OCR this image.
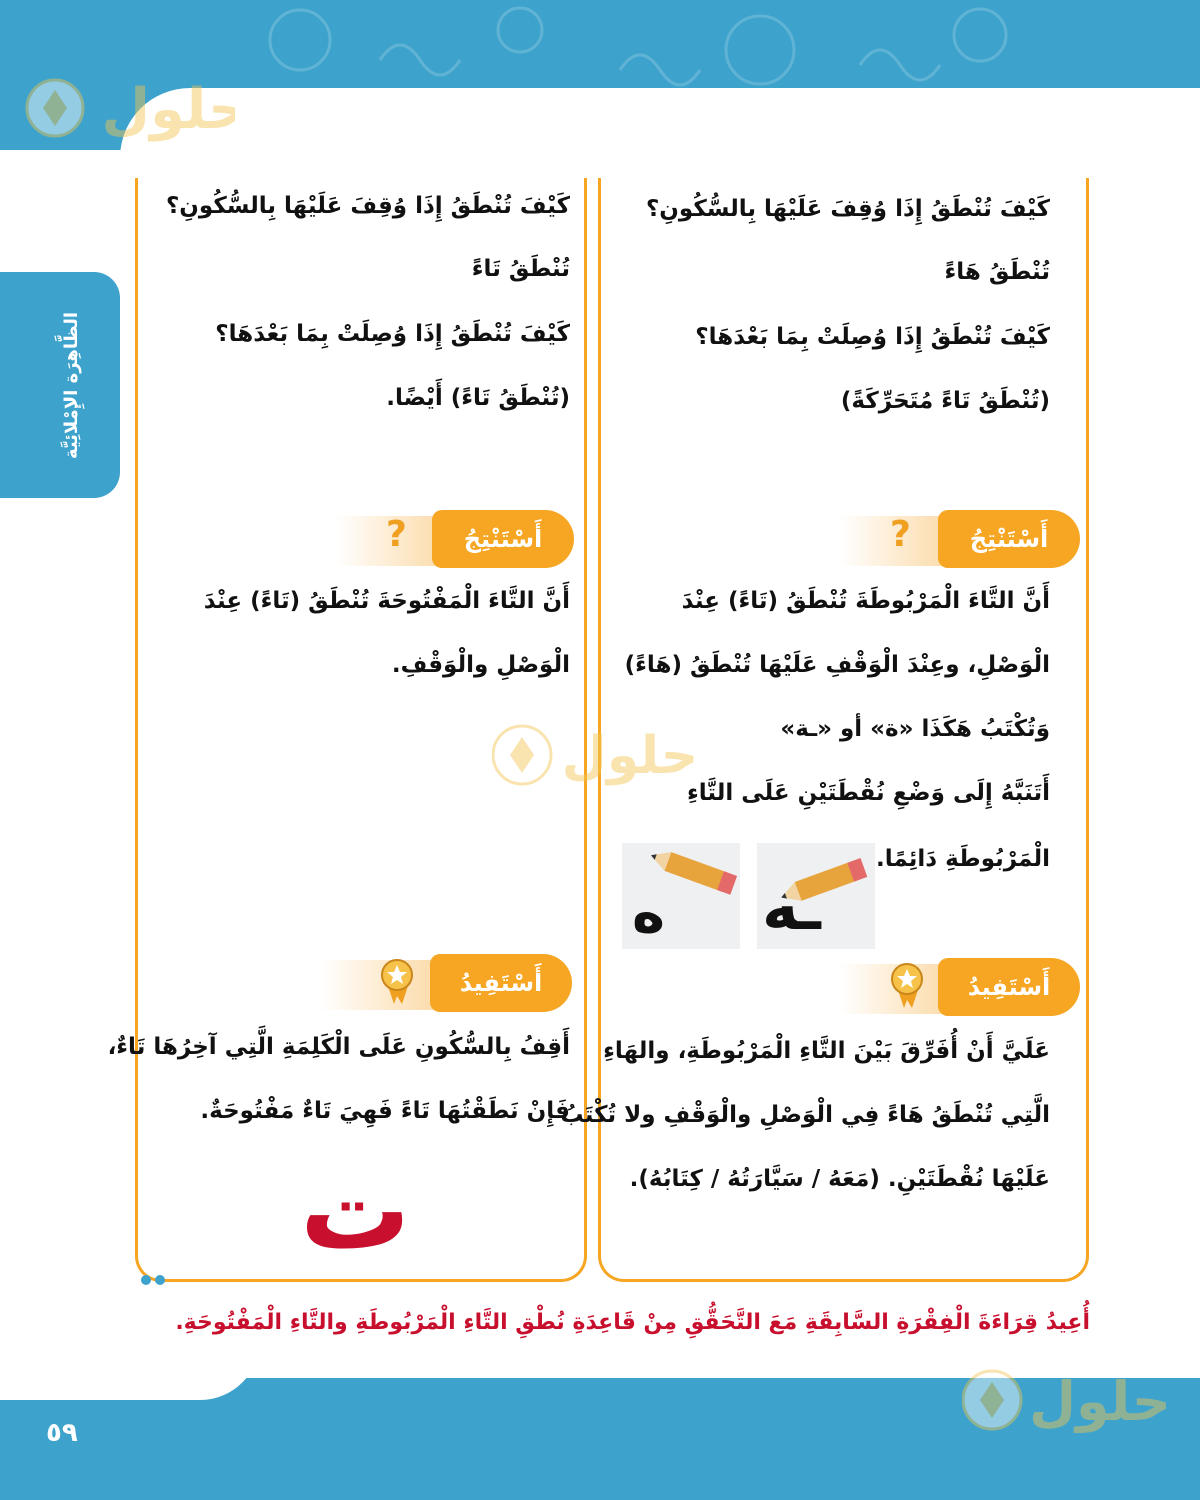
حلول
الظَّاهِرَة الإِمْلائِيَّة
كَيْفَ تُنْطَقُ إِذَا وُقِفَ عَلَيْهَا بِالسُّكُونِ؟
تُنْطَقُ هَاءً
كَيْفَ تُنْطَقُ إِذَا وُصِلَتْ بِمَا بَعْدَهَا؟
(تُنْطَقُ تَاءً مُتَحَرِّكَةً)
أَسْتَنْتِجُ
?
أَنَّ التَّاءَ الْمَرْبُوطَةَ تُنْطَقُ (تَاءً) عِنْدَ
الْوَصْلِ، وعِنْدَ الْوَقْفِ عَلَيْهَا تُنْطَقُ (هَاءً)
وَتُكْتَبُ هَكَذَا «ة» أو «ـة»
أَتَنَبَّهُ إِلَى وَضْعِ نُقْطَتَيْنِ عَلَى التَّاءِ
الْمَرْبُوطَةِ دَائِمًا.
ـه
ه
أَسْتَفِيدُ
عَلَيَّ أَنْ أُفَرِّقَ بَيْنَ التَّاءِ الْمَرْبُوطَةِ، والهَاءِ
الَّتِي تُنْطَقُ هَاءً فِي الْوَصْلِ والْوَقْفِ ولا تُكْتَبُ
عَلَيْهَا نُقْطَتَيْنِ. (مَعَهُ / سَيَّارَتُهُ / كِتَابُهُ).
كَيْفَ تُنْطَقُ إِذَا وُقِفَ عَلَيْهَا بِالسُّكُونِ؟
تُنْطَقُ تَاءً
كَيْفَ تُنْطَقُ إِذَا وُصِلَتْ بِمَا بَعْدَهَا؟
(تُنْطَقُ تَاءً) أَيْضًا.
أَسْتَنْتِجُ
?
أَنَّ التَّاءَ الْمَفْتُوحَةَ تُنْطَقُ (تَاءً) عِنْدَ
الْوَصْلِ والْوَقْفِ.
أَسْتَفِيدُ
أَقِفُ بِالسُّكُونِ عَلَى الْكَلِمَةِ الَّتِي آخِرُهَا تَاءٌ،
فَإِنْ نَطَقْتُهَا تَاءً فَهِيَ تَاءٌ مَفْتُوحَةٌ.
ت
حلول
أُعِيدُ قِرَاءَةَ الْفِقْرَةِ السَّابِقَةِ مَعَ التَّحَقُّقِ مِنْ قَاعِدَةِ نُطْقِ التَّاءِ الْمَرْبُوطَةِ والتَّاءِ الْمَفْتُوحَةِ.
حلول
٥٩
